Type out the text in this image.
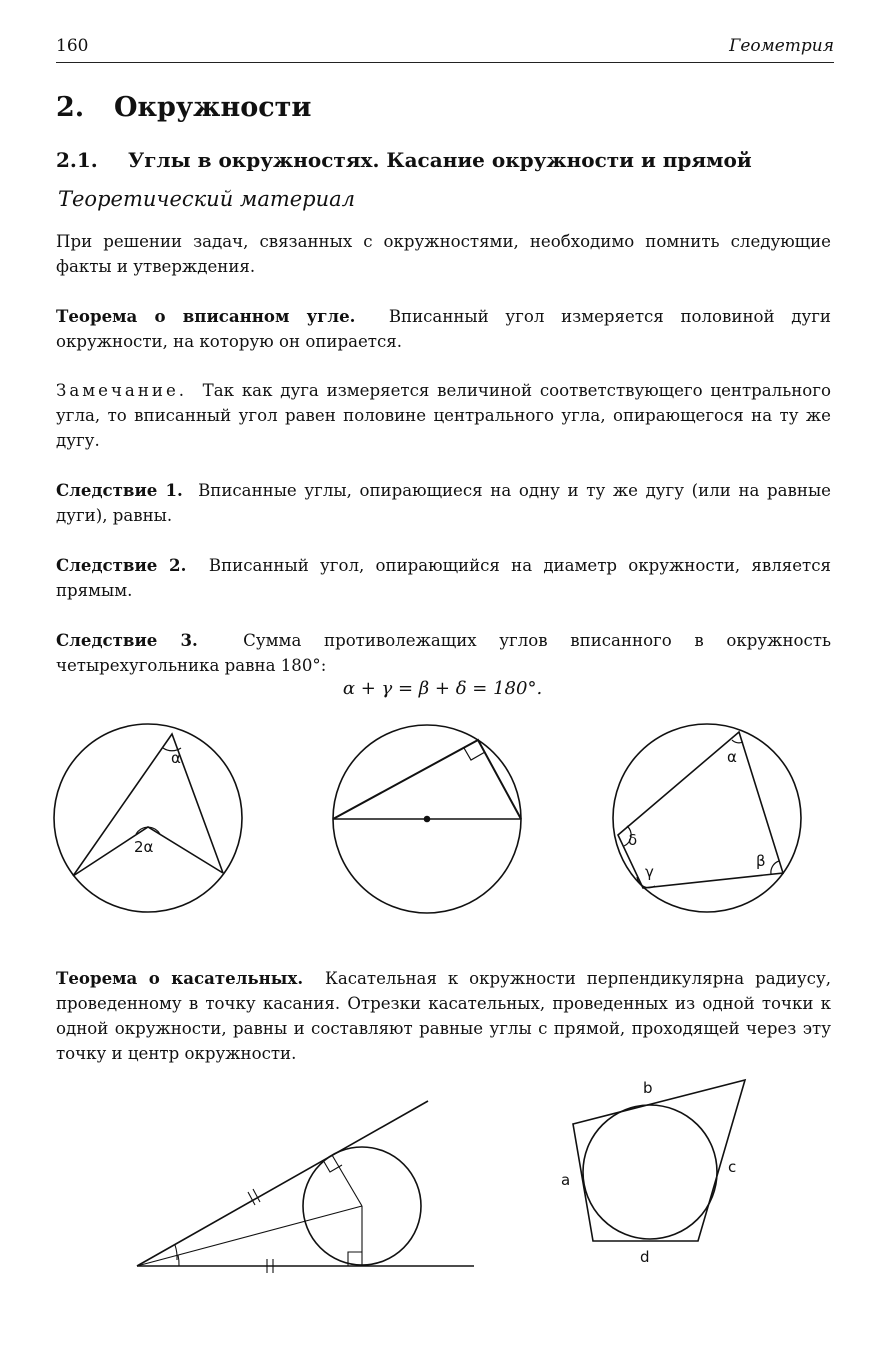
160	Геометрия
2. Окружности
2.1. Углы в окружностях. Касание окружности и прямой
Теоретический материал

При решении задач, связанных с окружностями, необходимо помнить следующие факты и утверждения.

Теорема о вписанном угле. Вписанный угол измеряется половиной дуги окружности, на которую он опирается.

Замечание. Так как дуга измеряется величиной соответствующего центрального угла, то вписанный угол равен половине центрального угла, опирающегося на ту же дугу.

Следствие 1. Вписанные углы, опирающиеся на одну и ту же дугу (или на равные дуги), равны.

Следствие 2. Вписанный угол, опирающийся на диаметр окружности, является прямым.

Следствие 3.	Сумма противолежащих углов вписанного в окружность четырехугольника равна 180°:

α + γ = β + δ = 180°.

Теорема о касательных. Касательная к окружности перпендикулярна радиусу, проведенному в точку касания. Отрезки касательных, проведенных из одной точки к одной окружности, равны и составляют равные углы с прямой, проходящей через эту точку и центр окружности.

α
2α
α
β
γ
δ
b
a
c
d
